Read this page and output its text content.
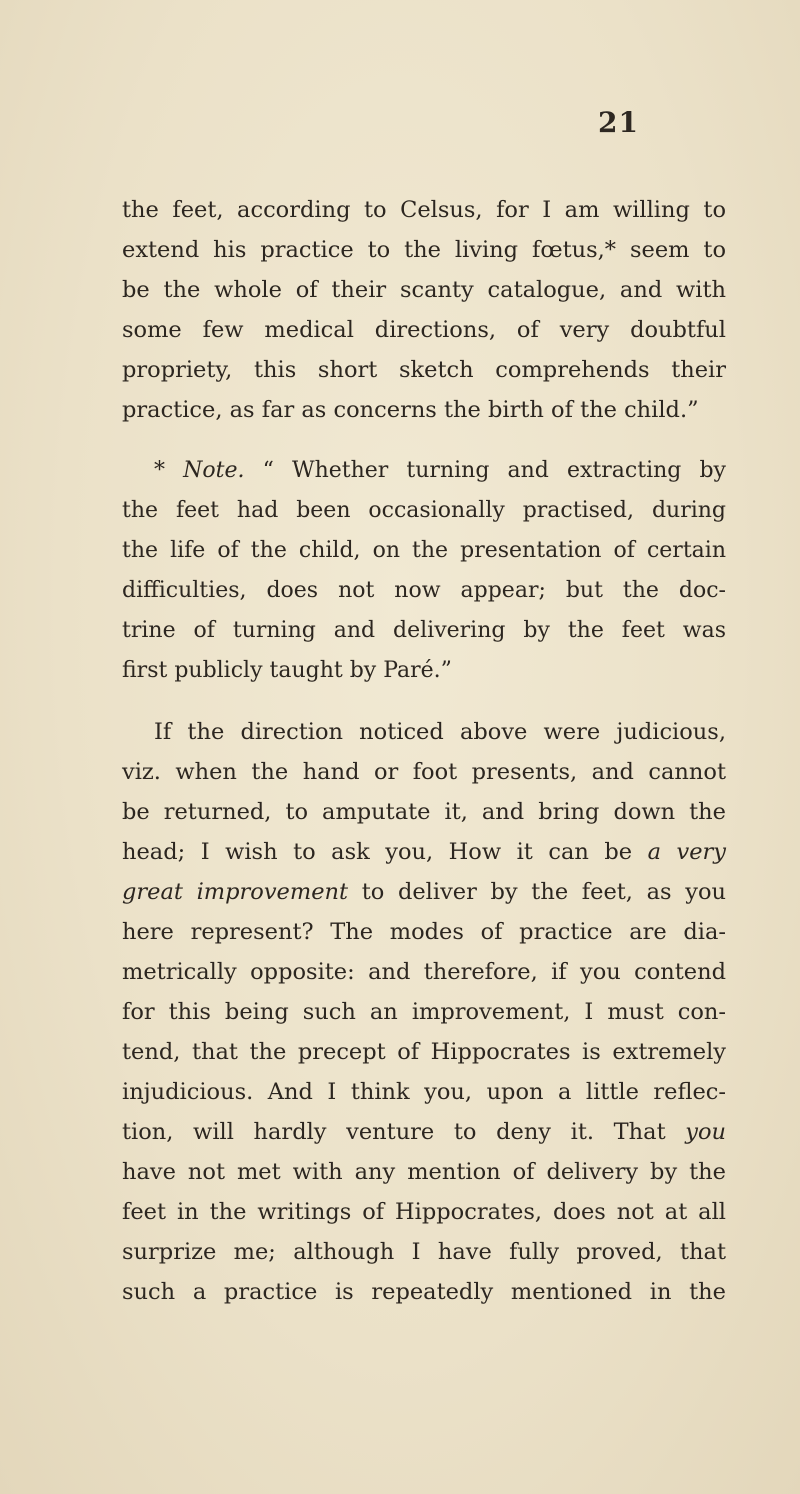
21
the feet, according to Celsus, for I am willing to
extend his practice to the living fœtus,* seem to
be the whole of their scanty catalogue, and with
some few medical directions, of very doubtful
propriety, this short sketch comprehends their
practice, as far as concerns the birth of the child.”
* Note. “ Whether turning and extracting by
the feet had been occasionally practised, during
the life of the child, on the presentation of certain
difficulties, does not now appear; but the doc-
trine of turning and delivering by the feet was
first publicly taught by Paré.”
If the direction noticed above were judicious,
viz. when the hand or foot presents, and cannot
be returned, to amputate it, and bring down the
head; I wish to ask you, How it can be a very
great improvement to deliver by the feet, as you
here represent? The modes of practice are dia-
metrically opposite: and therefore, if you contend
for this being such an improvement, I must con-
tend, that the precept of Hippocrates is extremely
injudicious. And I think you, upon a little reflec-
tion, will hardly venture to deny it. That you
have not met with any mention of delivery by the
feet in the writings of Hippocrates, does not at all
surprize me; although I have fully proved, that
such a practice is repeatedly mentioned in the
